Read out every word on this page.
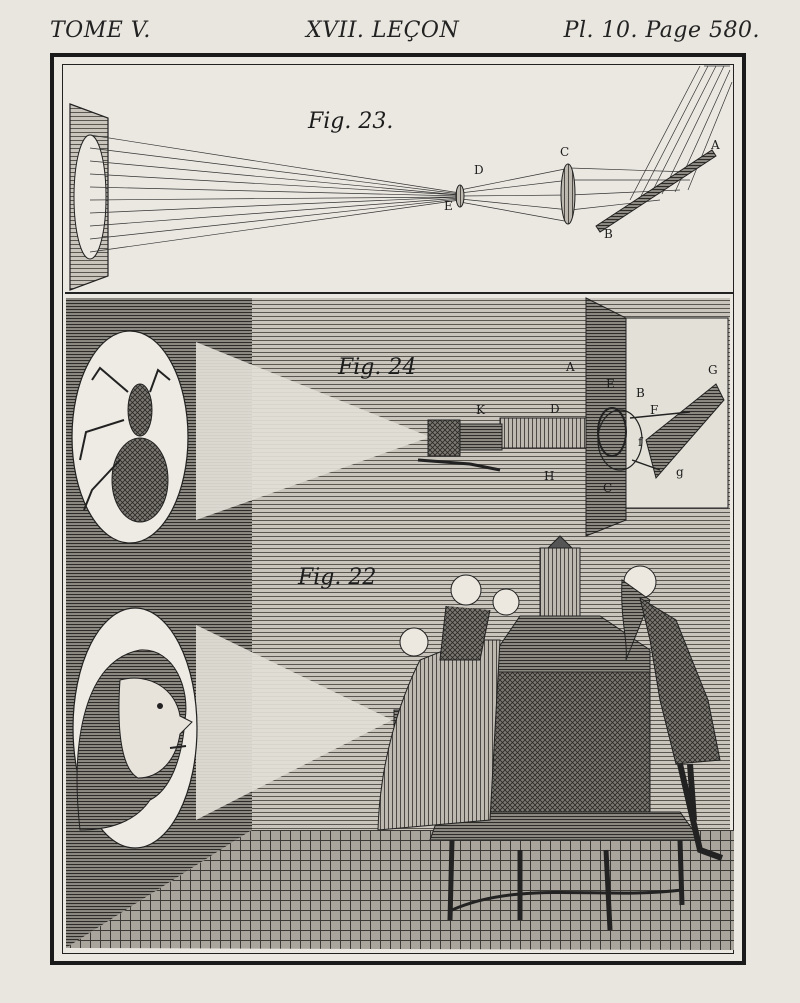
TOME V.	XVII. LEÇON	Pl. 10. Page 580.
Fig. 23.
A
B
C
D
E
Fig. 24	A
B
C
D
E
F
f
G
g
H
K
Fig. 22
